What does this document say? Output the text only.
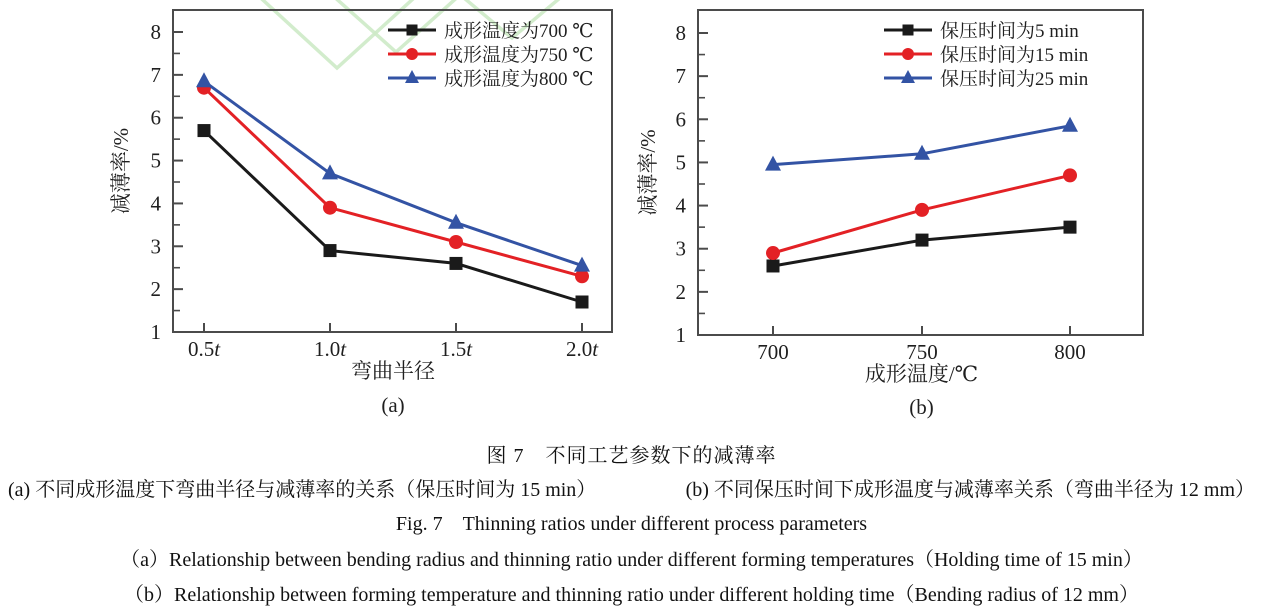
1
2
3
4
5
6
7
8
0.5t	1.0t	1.5t	2.0t
减薄率/%
弯曲半径
(a)
成形温度为700 ℃
成形温度为750 ℃
成形温度为800 ℃
1
2
3
4
5
6
7
8
700	750	800
减薄率/%
成形温度/℃
(b)
保压时间为5 min
保压时间为15 min
保压时间为25 min
图 7　不同工艺参数下的减薄率
(a) 不同成形温度下弯曲半径与减薄率的关系（保压时间为 15 min）	(b) 不同保压时间下成形温度与减薄率关系（弯曲半径为 12 mm）
Fig. 7　Thinning ratios under different process parameters
（a）Relationship between bending radius and thinning ratio under different forming temperatures（Holding time of 15 min）
（b）Relationship between forming temperature and thinning ratio under different holding time（Bending radius of 12 mm）
